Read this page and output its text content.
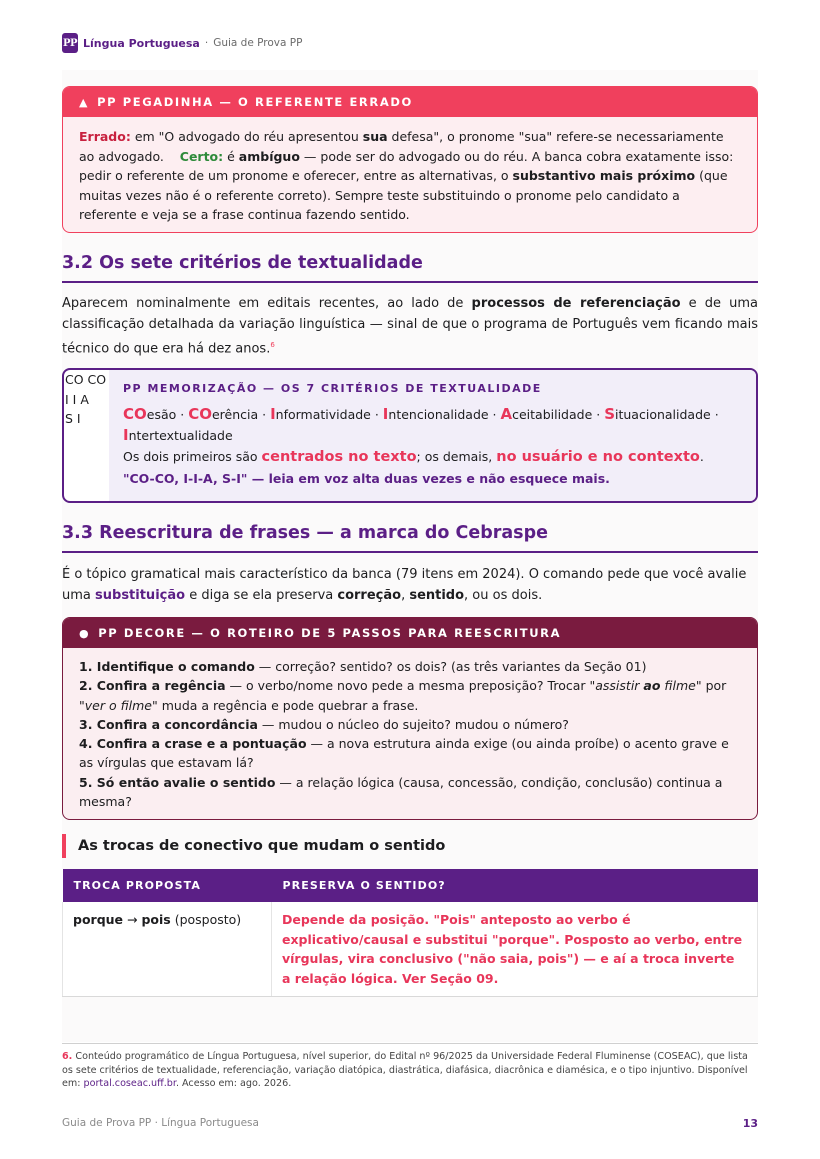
PP Língua Portuguesa · Guia de Prova PP
▲ PP PEGADINHA — O REFERENTE ERRADO
Errado: em "O advogado do réu apresentou sua defesa", o pronome "sua" refere-se necessariamente ao advogado. Certo: é ambíguo — pode ser do advogado ou do réu. A banca cobra exatamente isso: pedir o referente de um pronome e oferecer, entre as alternativas, o substantivo mais próximo (que muitas vezes não é o referente correto). Sempre teste substituindo o pronome pelo candidato a referente e veja se a frase continua fazendo sentido.
3.2 Os sete critérios de textualidade
Aparecem nominalmente em editais recentes, ao lado de processos de referenciação e de uma classificação detalhada da variação linguística — sinal de que o programa de Português vem ficando mais técnico do que era há dez anos.$^6$
CO CO
I I A
S I
PP MEMORIZAÇÃO — OS 7 CRITÉRIOS DE TEXTUALIDADE
COesão · COerência · Informatividade · Intencionalidade · Aceitabilidade · Situacionalidade ·
Intertextualidade
Os dois primeiros são centrados no texto; os demais, no usuário e no contexto.
"CO-CO, I-I-A, S-I" — leia em voz alta duas vezes e não esquece mais.
3.3 Reescritura de frases — a marca do Cebraspe
É o tópico gramatical mais característico da banca (79 itens em 2024). O comando pede que você avalie uma substituição e diga se ela preserva correção, sentido, ou os dois.
● PP DECORE — O ROTEIRO DE 5 PASSOS PARA REESCRITURA
1. Identifique o comando — correção? sentido? os dois? (as três variantes da Seção 01)
2. Confira a regência — o verbo/nome novo pede a mesma preposição? Trocar "assistir ao filme" por "ver o filme" muda a regência e pode quebrar a frase.
3. Confira a concordância — mudou o núcleo do sujeito? mudou o número?
4. Confira a crase e a pontuação — a nova estrutura ainda exige (ou ainda proíbe) o acento grave e as vírgulas que estavam lá?
5. Só então avalie o sentido — a relação lógica (causa, concessão, condição, conclusão) continua a mesma?
As trocas de conectivo que mudam o sentido
TROCA PROPOSTA	PRESERVA O SENTIDO?
porque → pois (posposto)	Depende da posição. "Pois" anteposto ao verbo é explicativo/causal e substitui "porque". Posposto ao verbo, entre vírgulas, vira conclusivo ("não saia, pois") — e aí a troca inverte a relação lógica. Ver Seção 09.
6. Conteúdo programático de Língua Portuguesa, nível superior, do Edital nº 96/2025 da Universidade Federal Fluminense (COSEAC), que lista os sete critérios de textualidade, referenciação, variação diatópica, diastrática, diafásica, diacrônica e diamésica, e o tipo injuntivo. Disponível em: portal.coseac.uff.br. Acesso em: ago. 2026.
Guia de Prova PP · Língua Portuguesa	13
